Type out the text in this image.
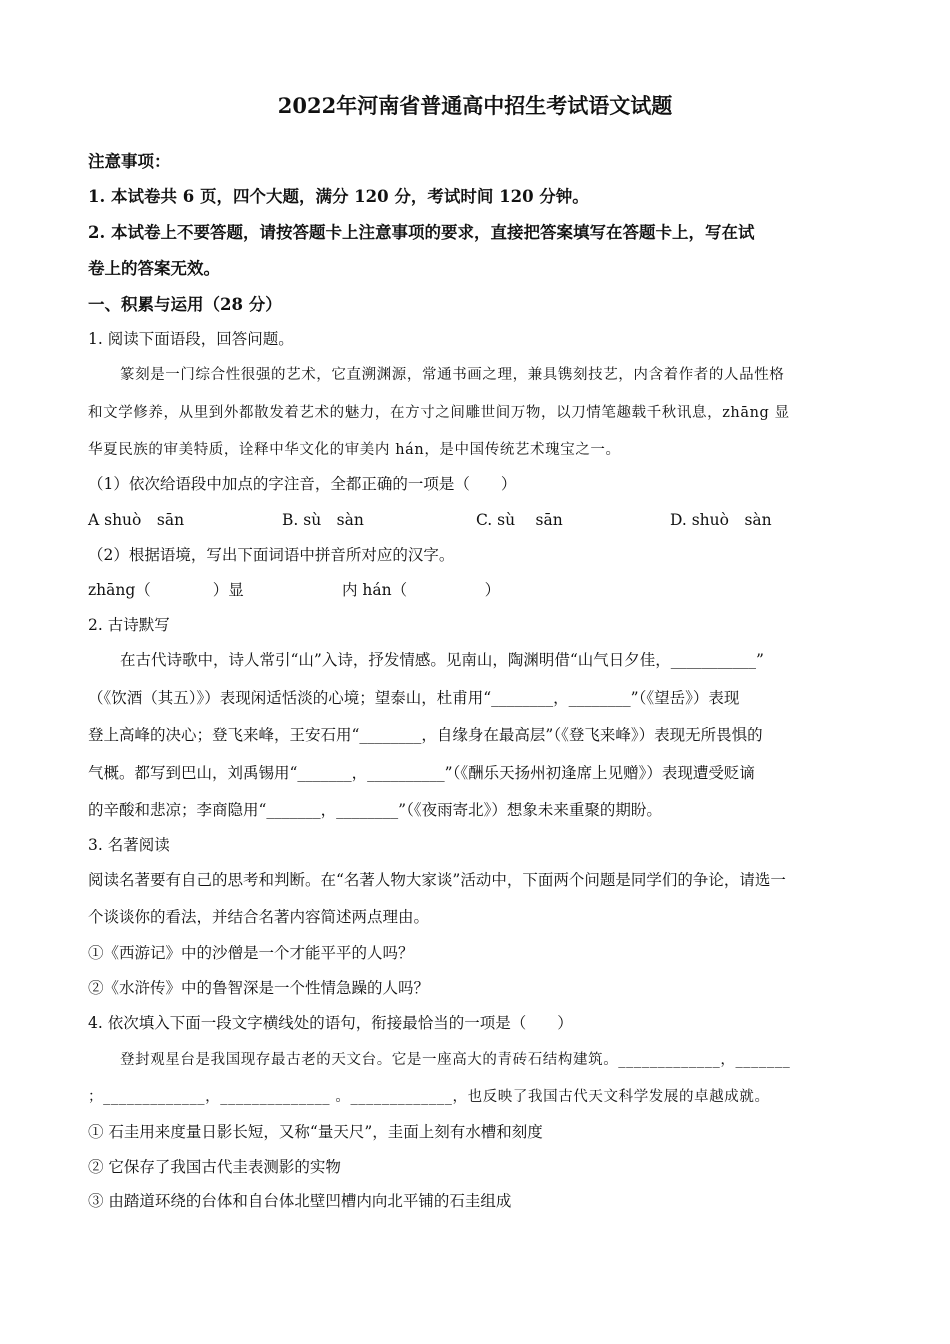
2022年河南省普通高中招生考试语文试题
注意事项：
1. 本试卷共 6 页，四个大题，满分 120 分，考试时间 120 分钟。
2. 本试卷上不要答题，请按答题卡上注意事项的要求，直接把答案填写在答题卡上，写在试
卷上的答案无效。
一、积累与运用（28 分）
1. 阅读下面语段，回答问题。
篆刻是一门综合性很强的艺术，它直溯渊源，常通书画之理，兼具镌刻技艺，内含着作者的人品性格
和文学修养，从里到外都散发着艺术的魅力，在方寸之间雕世间万物，以刀情笔趣载千秋讯息，zhāng 显
华夏民族的审美特质，诠释中华文化的审美内 hán，是中国传统艺术瑰宝之一。
（1）依次给语段中加点的字注音，全都正确的一项是（　　）
A shuò　sān	B. sù　sàn	C. sù　 sān	D. shuò　sàn
（2）根据语境，写出下面词语中拼音所对应的汉字。
zhāng（　　　　）显	内 hán（　　　　　）
2. 古诗默写
在古代诗歌中，诗人常引“山”入诗，抒发情感。见南山，陶渊明借“山气日夕佳，___________”
（《饮酒（其五）》）表现闲适恬淡的心境；望泰山，杜甫用“________，________”（《望岳》）表现
登上高峰的决心；登飞来峰，王安石用“________，自缘身在最高层”（《登飞来峰》）表现无所畏惧的
气概。都写到巴山，刘禹锡用“_______，__________”（《酬乐天扬州初逢席上见赠》）表现遭受贬谪
的辛酸和悲凉；李商隐用“_______，________”（《夜雨寄北》）想象未来重聚的期盼。
3. 名著阅读
阅读名著要有自己的思考和判断。在“名著人物大家谈”活动中，下面两个问题是同学们的争论，请选一
个谈谈你的看法，并结合名著内容简述两点理由。
①《西游记》中的沙僧是一个才能平平的人吗？
②《水浒传》中的鲁智深是一个性情急躁的人吗？
4. 依次填入下面一段文字横线处的语句，衔接最恰当的一项是（　　）
登封观星台是我国现存最古老的天文台。它是一座高大的青砖石结构建筑。_____________，_______
；_____________，______________ 。_____________，也反映了我国古代天文科学发展的卓越成就。
① 石圭用来度量日影长短，又称“量天尺”，圭面上刻有水槽和刻度
② 它保存了我国古代圭表测影的实物
③ 由踏道环绕的台体和自台体北壁凹槽内向北平铺的石圭组成
